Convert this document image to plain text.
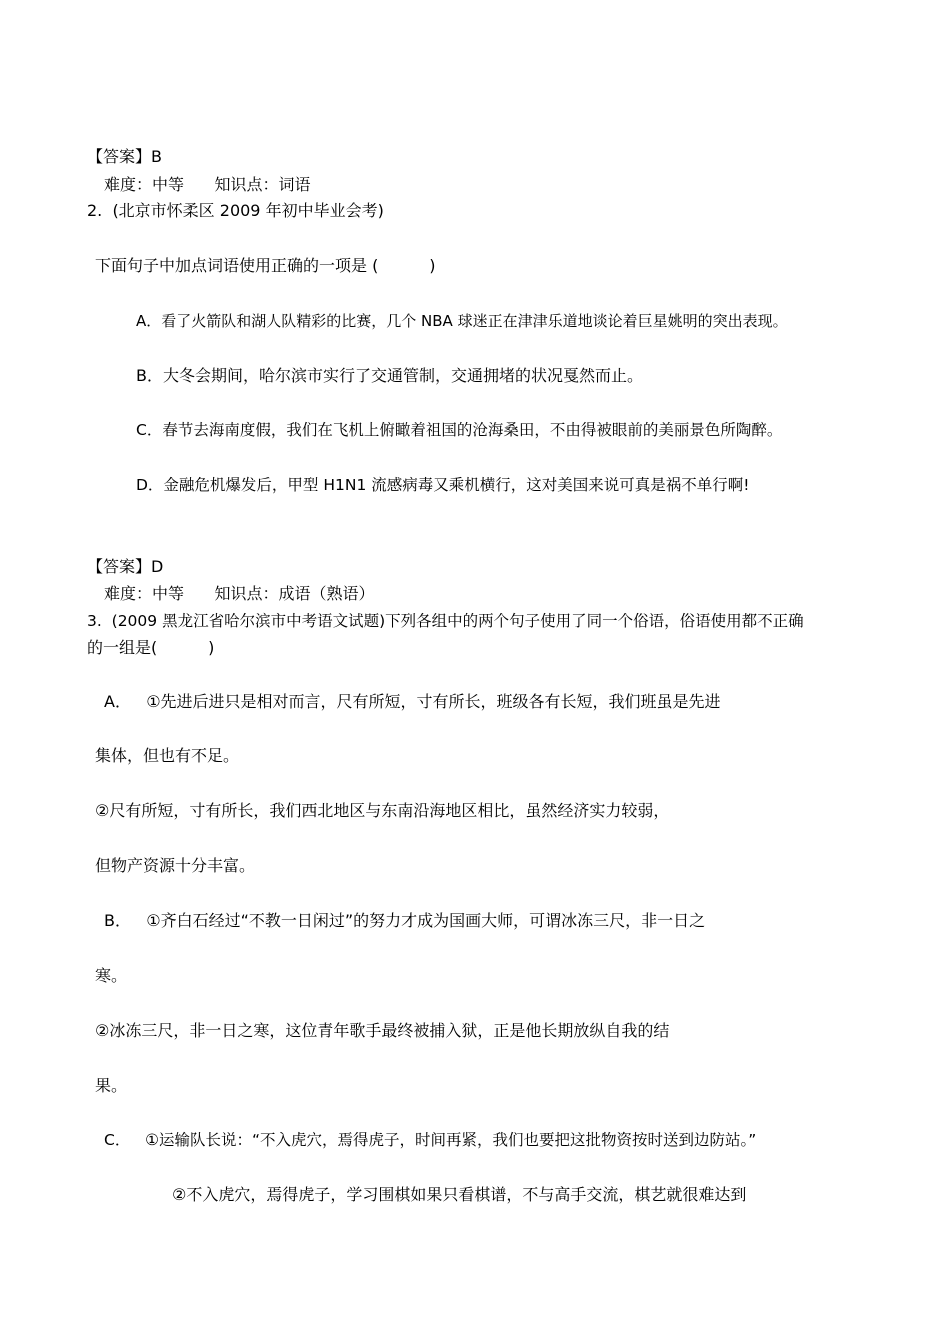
【答案】B
难度：中等      知识点：词语
2.  (北京市怀柔区 2009 年初中毕业会考)
下面句子中加点词语使用正确的一项是 (          )
A．看了火箭队和湖人队精彩的比赛，几个 NBA 球迷正在津津乐道地谈论着巨星姚明的突出表现。
B．大冬会期间，哈尔滨市实行了交通管制，交通拥堵的状况戛然而止。
C．春节去海南度假，我们在飞机上俯瞰着祖国的沧海桑田，不由得被眼前的美丽景色所陶醉。
D．金融危机爆发后，甲型 H1N1 流感病毒又乘机横行，这对美国来说可真是祸不单行啊!
【答案】D
难度：中等      知识点：成语（熟语）
3.  (2009 黑龙江省哈尔滨市中考语文试题)下列各组中的两个句子使用了同一个俗语，俗语使用都不正确
的一组是(          )
A．   ①先进后进只是相对而言，尺有所短，寸有所长，班级各有长短，我们班虽是先进
集体，但也有不足。
②尺有所短，寸有所长，我们西北地区与东南沿海地区相比，虽然经济实力较弱，
但物产资源十分丰富。
B．   ①齐白石经过“不教一日闲过”的努力才成为国画大师，可谓冰冻三尺，非一日之
寒。
②冰冻三尺，非一日之寒，这位青年歌手最终被捕入狱，正是他长期放纵自我的结
果。
C．   ①运输队长说：“不入虎穴，焉得虎子，时间再紧，我们也要把这批物资按时送到边防站。”
②不入虎穴，焉得虎子，学习围棋如果只看棋谱，不与高手交流，棋艺就很难达到
